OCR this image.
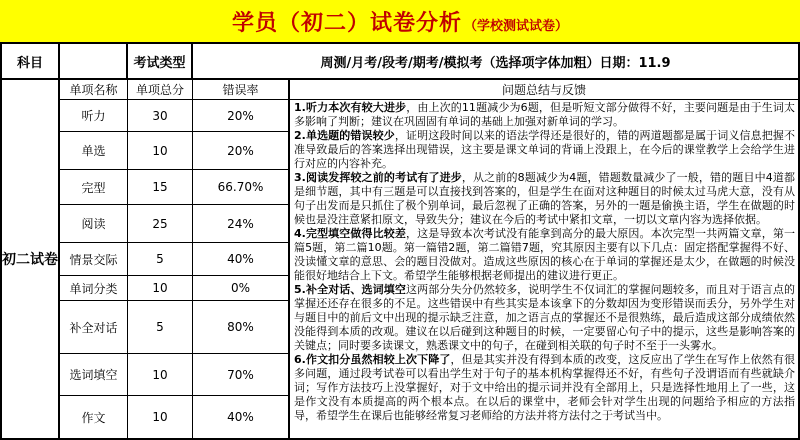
学员（初二）试卷分析 （学校测试试卷）
科目	考试类型	周测/月考/段考/期考/模拟考（选择项字体加粗）日期：11.9
初二试卷
单项名称	单项总分	错误率
听力	30	20%
单选	10	20%
完型	15	66.70%
阅读	25	24%
情景交际	5	40%
单词分类	10	0%
补全对话	5	80%
选词填空	10	70%
作文	10	40%
问题总结与反馈

1.听力本次有较大进步，由上次的11题减少为6题，但是听短文部分做得不好，主要问题是由于生词太多影响了判断；建议在巩固固有单词的基础上加强对新单词的学习。

2.单选题的错误较少，证明这段时间以来的语法学得还是很好的，错的两道题都是属于词义信息把握不准导致最后的答案选择出现错误，这主要是课文单词的背诵上没跟上，在今后的课堂教学上会给学生进行对应的内容补充。

3.阅读发挥较之前的考试有了进步，从之前的8题减少为4题，错题数量减少了一般，错的题目中4道都是细节题，其中有三题是可以直接找到答案的，但是学生在面对这种题目的时候太过马虎大意，没有从句子出发而是只抓住了极个别单词，最后忽视了正确的答案，另外的一题是偷换主语，学生在做题的时候也是没注意紧扣原文，导致失分；建议在今后的考试中紧扣文章，一切以文章内容为选择依据。

4.完型填空做得比较差，这是导致本次考试没有能拿到高分的最大原因。本次完型一共两篇文章，第一篇5题，第二篇10题。第一篇错2题，第二篇错7题，究其原因主要有以下几点：固定搭配掌握得不好、没读懂文章的意思、会的题目没做对。造成这些原因的核心在于单词的掌握还是太少，在做题的时候没能很好地结合上下文。希望学生能够根据老师提出的建议进行更正。

5.补全对话、选词填空这两部分失分仍然较多，说明学生不仅词汇的掌握问题较多，而且对于语言点的掌握还还存在很多的不足。这些错误中有些其实是本该拿下的分数却因为变形错误而丢分，另外学生对与题目中的前后文中出现的提示缺乏注意，加之语言点的掌握还不是很熟练，最后造成这部分成绩依然没能得到本质的改观。建议在以后碰到这种题目的时候，一定要留心句子中的提示，这些是影响答案的关键点；同时要多读课文，熟悉课文中的句子，在碰到相关联的句子时不至于一头雾水。

6.作文扣分虽然相较上次下降了，但是其实并没有得到本质的改变，这反应出了学生在写作上依然有很多问题，通过段考试卷可以看出学生对于句子的基本机构掌握得还不好，有些句子没谓语而有些就缺介词；写作方法技巧上没掌握好，对于文中给出的提示词并没有全部用上，只是选择性地用上了一些，这是作文没有本质提高的两个根本点。在以后的课堂中，老师会针对学生出现的问题给予相应的方法指导，希望学生在课后也能够经常复习老师给的方法并将方法付之于考试当中。
